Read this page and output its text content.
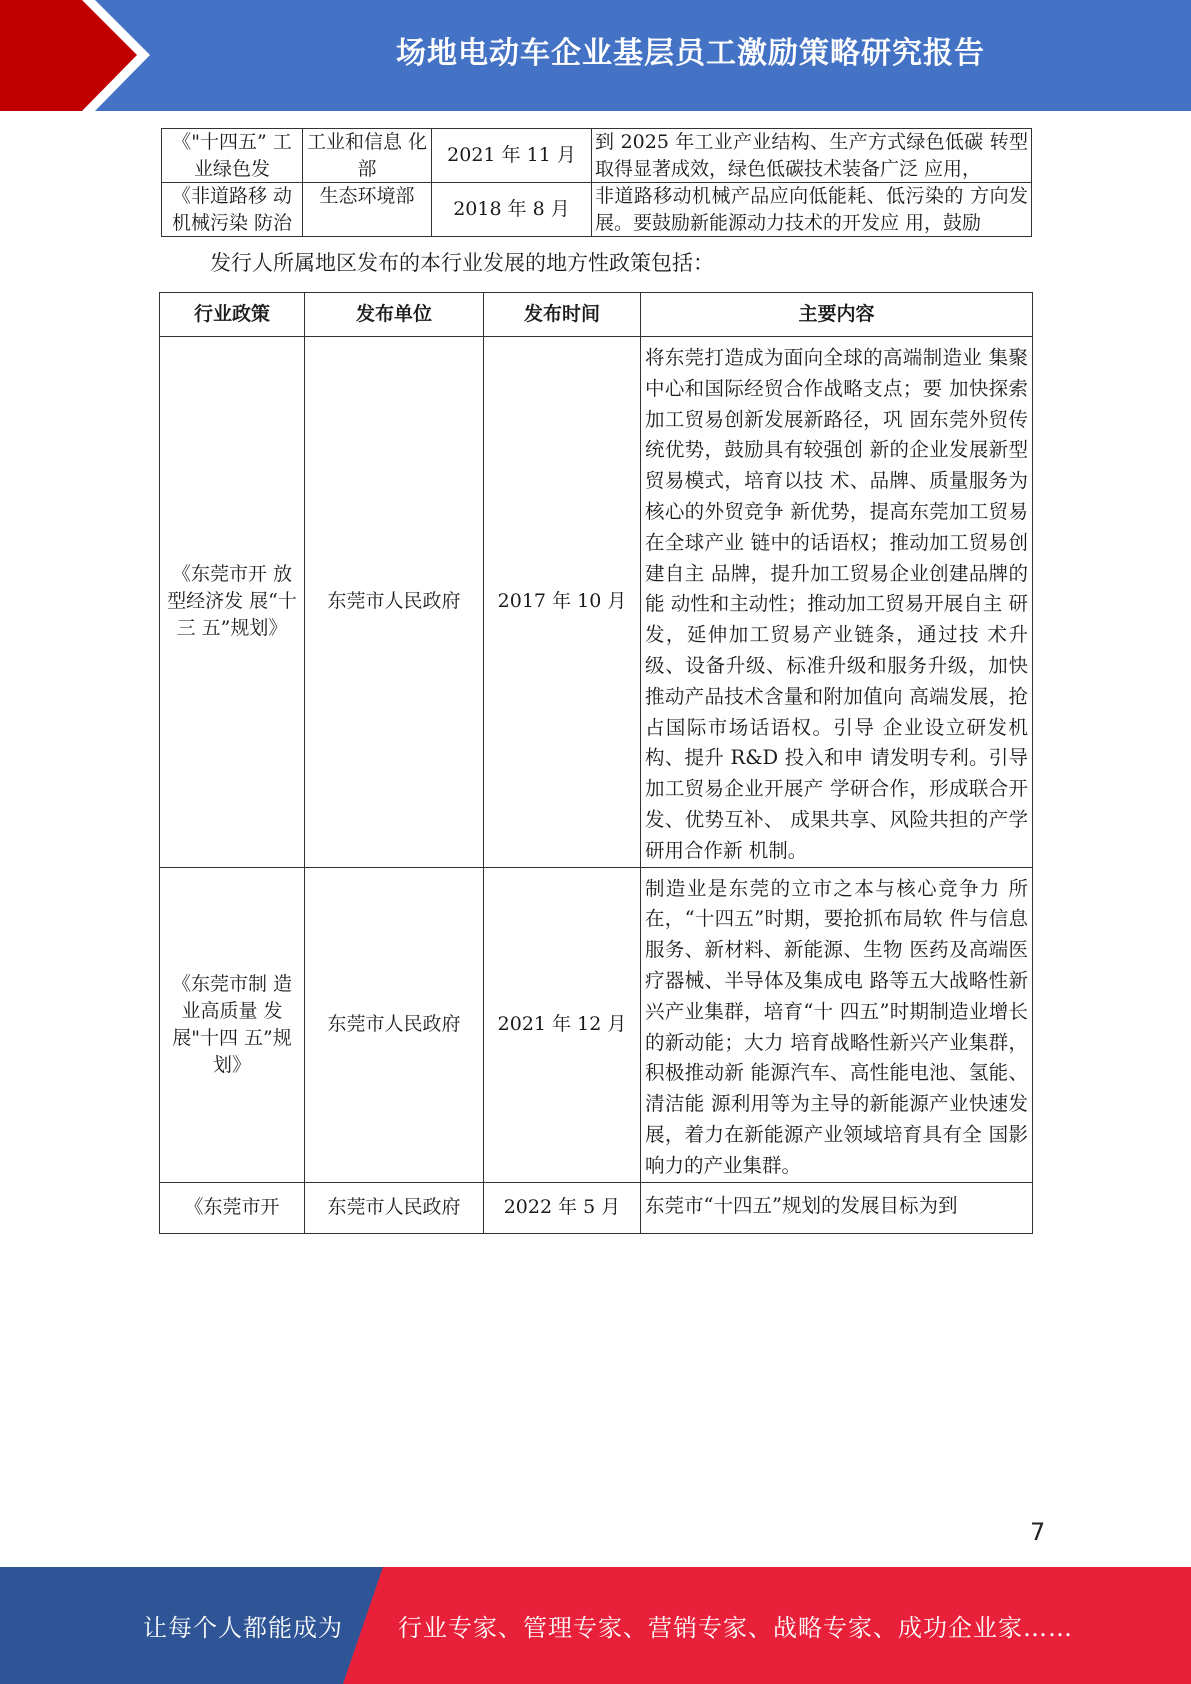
场地电动车企业基层员工激励策略研究报告
《"十四五” 工业绿色发	工业和信息 化部	2021 年 11 月	到 2025 年工业产业结构、生产方式绿色低碳 转型取得显著成效，绿色低碳技术装备广泛 应用，

《非道路移 动机械污染 防治	生态环境部	2018 年 8 月	非道路移动机械产品应向低能耗、低污染的 方向发展。要鼓励新能源动力技术的开发应 用，鼓励
发行人所属地区发布的本行业发展的地方性政策包括：
行业政策	发布单位	发布时间	主要内容
《东莞市开 放型经济发 展“十三 五”规划》	东莞市人民政府	2017 年 10 月	将东莞打造成为面向全球的高端制造业 集聚中心和国际经贸合作战略支点；要 加快探索加工贸易创新发展新路径，巩 固东莞外贸传统优势，鼓励具有较强创 新的企业发展新型贸易模式，培育以技 术、品牌、质量服务为核心的外贸竞争 新优势，提高东莞加工贸易在全球产业 链中的话语权；推动加工贸易创建自主 品牌，提升加工贸易企业创建品牌的能 动性和主动性；推动加工贸易开展自主 研发，延伸加工贸易产业链条，通过技 术升级、设备升级、标准升级和服务升级，加快推动产品技术含量和附加值向 高端发展，抢占国际市场话语权。引导 企业设立研发机构、提升 R&D 投入和申 请发明专利。引导加工贸易企业开展产 学研合作，形成联合开发、优势互补、 成果共享、风险共担的产学研用合作新 机制。
《东莞市制 造业高质量 发展"十四 五”规划》	东莞市人民政府	2021 年 12 月	制造业是东莞的立市之本与核心竞争力 所在，“十四五”时期，要抢抓布局软 件与信息服务、新材料、新能源、生物 医药及高端医疗器械、半导体及集成电 路等五大战略性新兴产业集群，培育“十 四五”时期制造业增长的新动能；大力 培育战略性新兴产业集群，积极推动新 能源汽车、高性能电池、氢能、清洁能 源利用等为主导的新能源产业快速发 展，着力在新能源产业领域培育具有全 国影响力的产业集群。
《东莞市开	东莞市人民政府	2022 年 5 月	东莞市“十四五”规划的发展目标为到
7
让每个人都能成为 行业专家、管理专家、营销专家、战略专家、成功企业家……
